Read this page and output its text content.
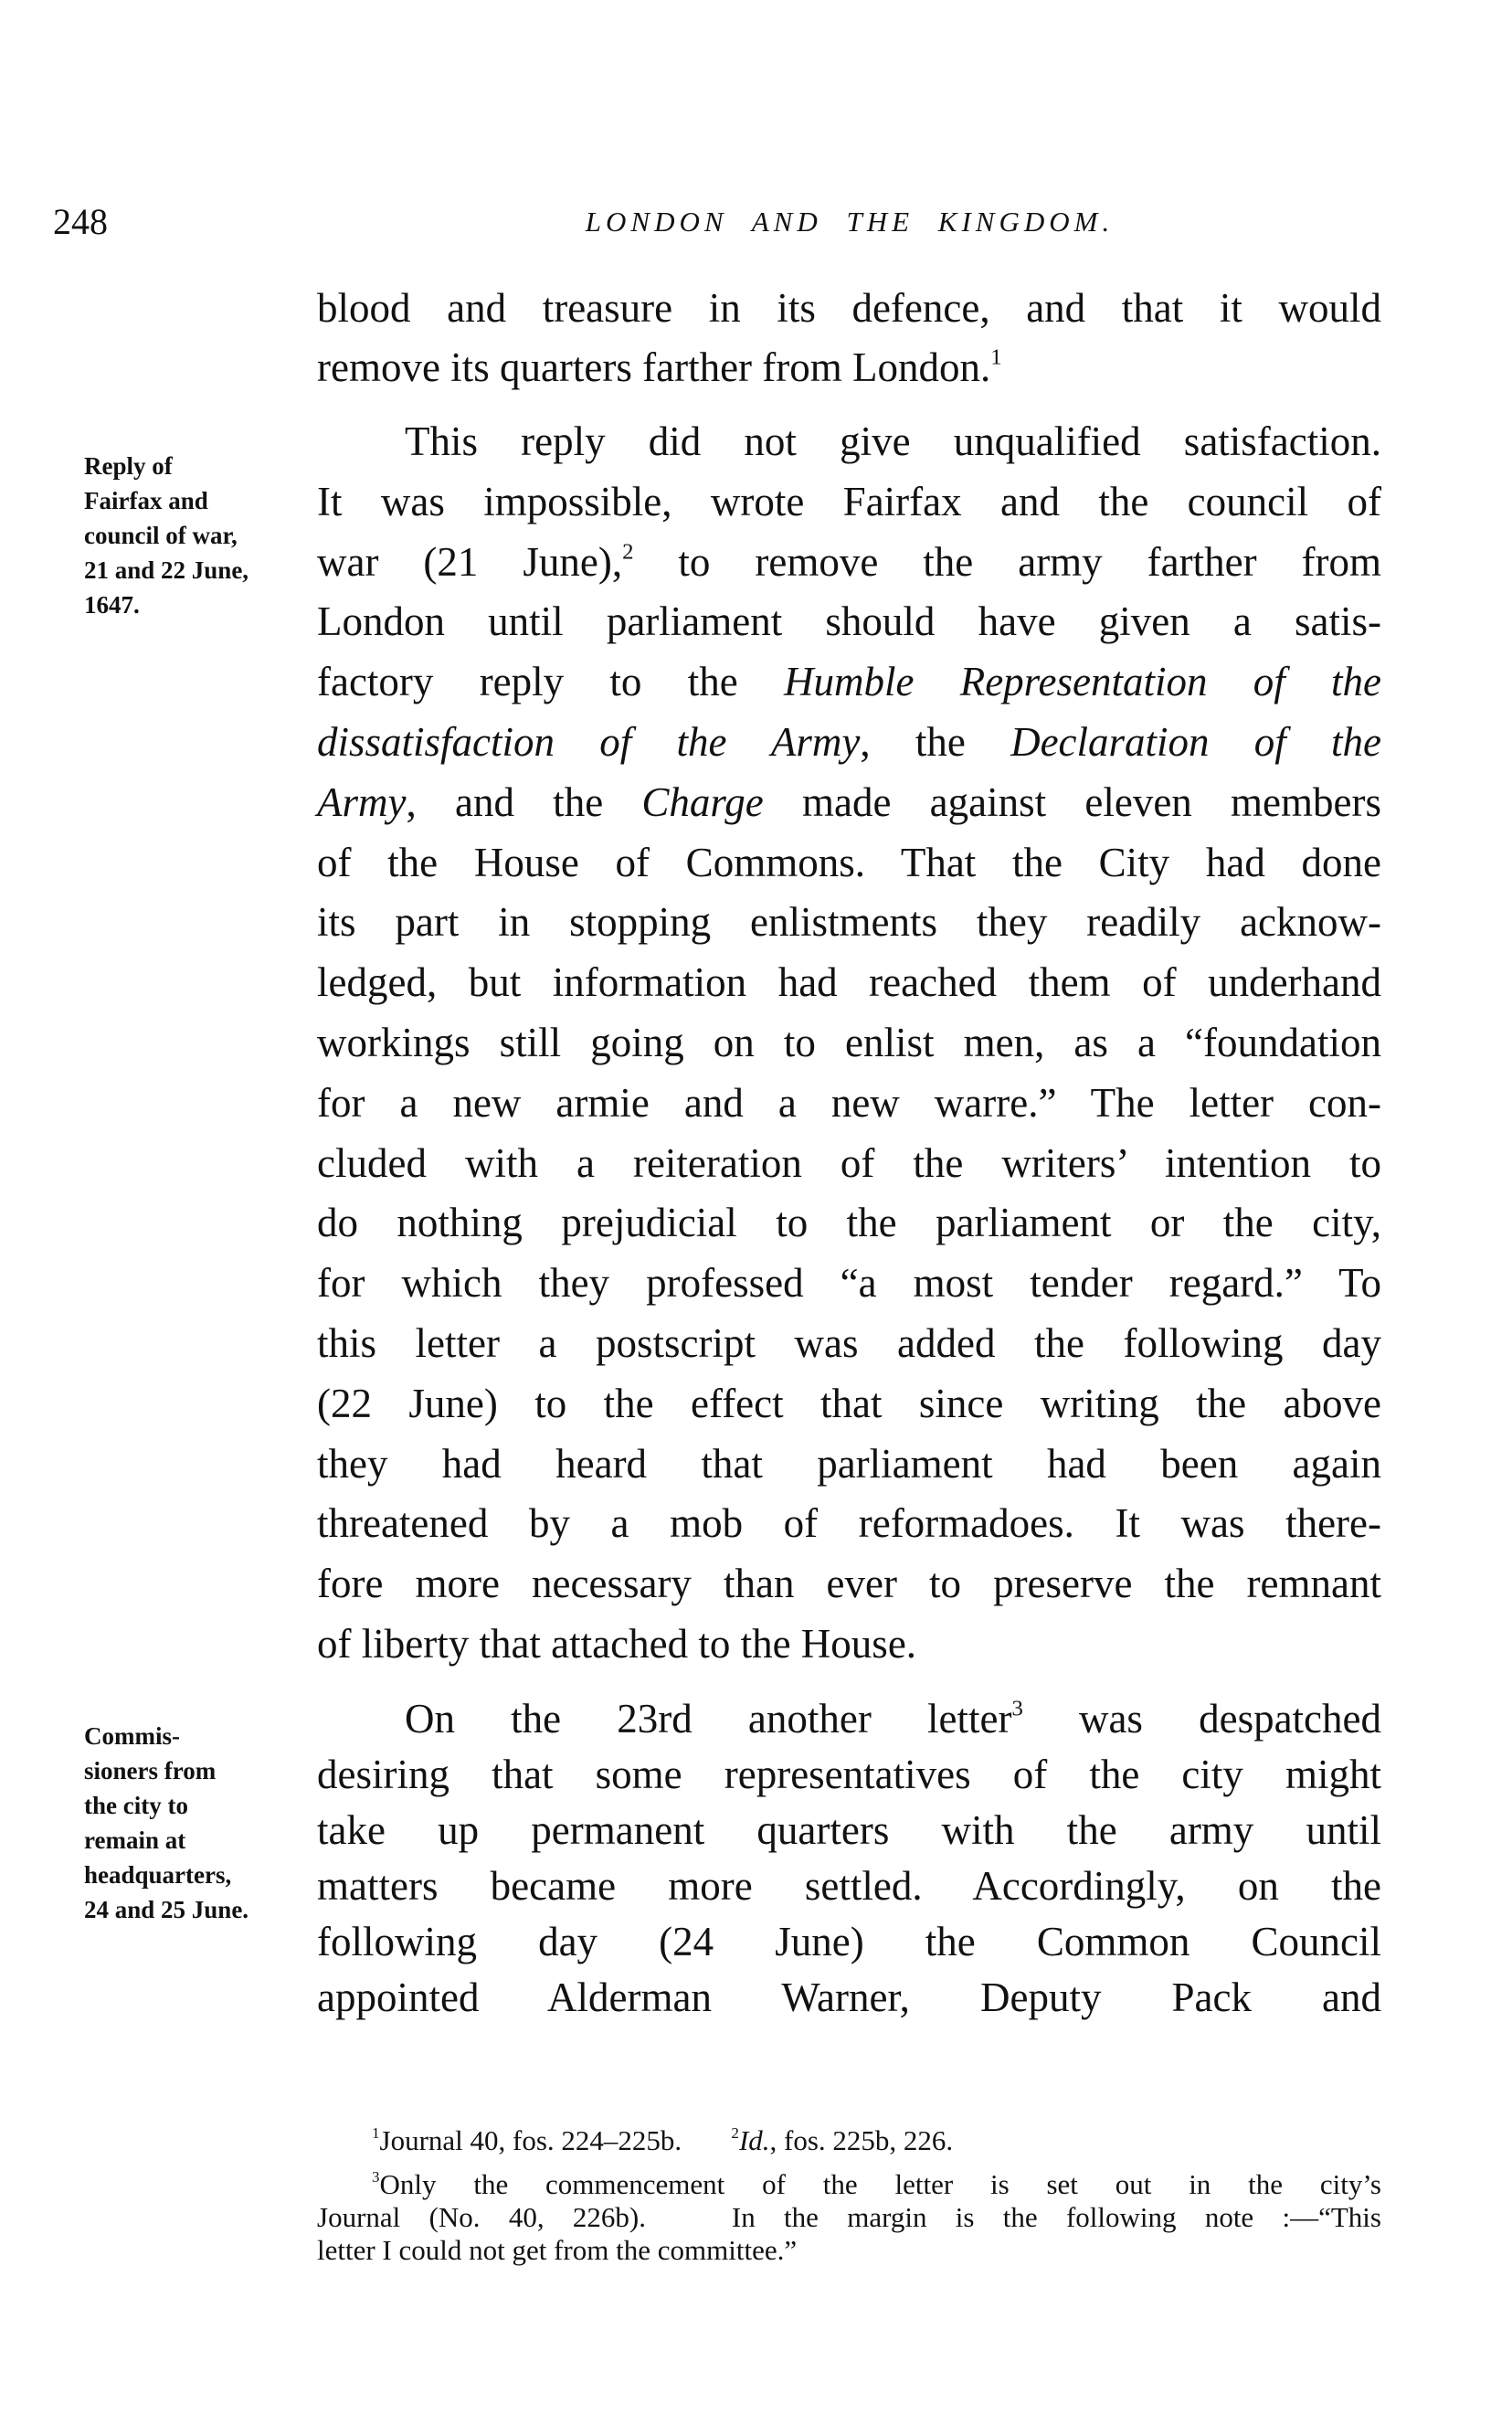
248	LONDON AND THE KINGDOM.
Reply of
Fairfax and
council of war,
21 and 22 June,
1647.
Commis-
sioners from
the city to
remain at
headquarters,
24 and 25 June.
blood and treasure in its defence, and that it would
remove its quarters farther from London.$^1$
This reply did not give unqualified satisfaction.
It was impossible, wrote Fairfax and the council of
war (21 June),$^2$ to remove the army farther from
London until parliament should have given a satis-
factory reply to the Humble Representation of the
dissatisfaction of the Army, the Declaration of the
Army, and the Charge made against eleven members
of the House of Commons. That the City had done
its part in stopping enlistments they readily acknow-
ledged, but information had reached them of underhand
workings still going on to enlist men, as a “foundation
for a new armie and a new warre.” The letter con-
cluded with a reiteration of the writers’ intention to
do nothing prejudicial to the parliament or the city,
for which they professed “a most tender regard.” To
this letter a postscript was added the following day
(22 June) to the effect that since writing the above
they had heard that parliament had been again
threatened by a mob of reformadoes. It was there-
fore more necessary than ever to preserve the remnant
of liberty that attached to the House.
On the 23rd another letter$^3$ was despatched
desiring that some representatives of the city might
take up permanent quarters with the army until
matters became more settled. Accordingly, on the
following day (24 June) the Common Council
appointed Alderman Warner, Deputy Pack and
$^1$Journal 40, fos. 224–225b.       $^2$Id., fos. 225b, 226.
$^3$Only the commencement of the letter is set out in the city’s
Journal (No. 40, 226b).   In the margin is the following note :—“This
letter I could not get from the committee.”
